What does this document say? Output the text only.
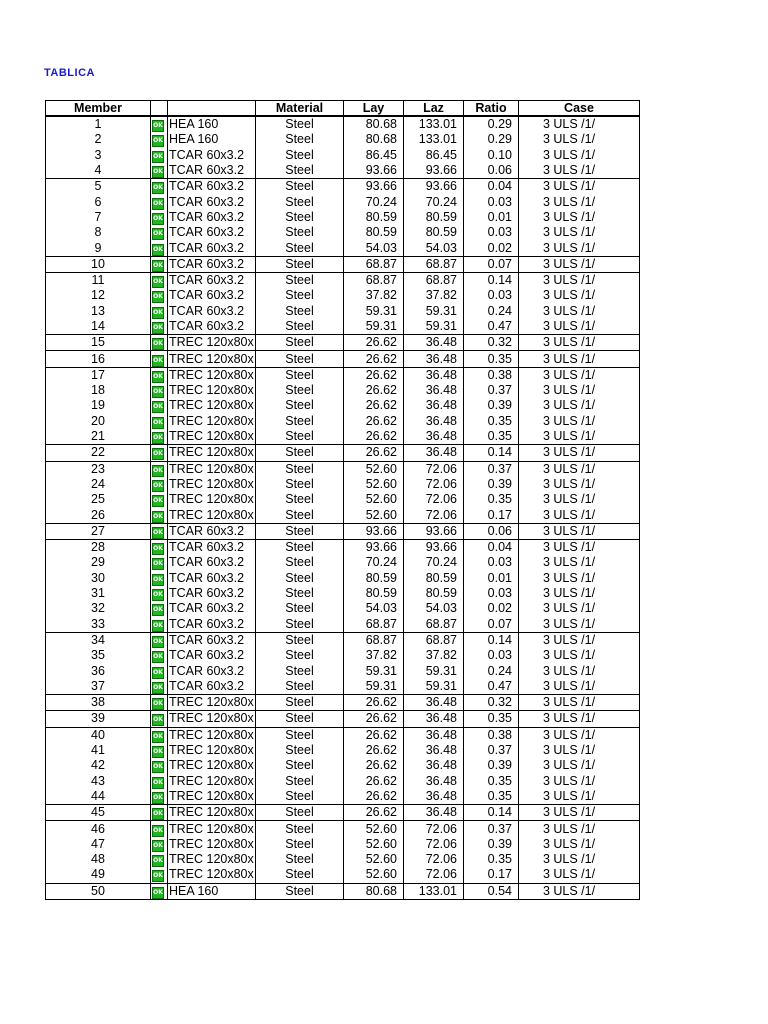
TABLICA
Member			Material	Lay	Laz	Ratio	Case
1	OK	HEA 160	Steel	80.68	133.01	0.29	3 ULS /1/
2	OK	HEA 160	Steel	80.68	133.01	0.29	3 ULS /1/
3	OK	TCAR 60x3.2	Steel	86.45	86.45	0.10	3 ULS /1/
4	OK	TCAR 60x3.2	Steel	93.66	93.66	0.06	3 ULS /1/
5	OK	TCAR 60x3.2	Steel	93.66	93.66	0.04	3 ULS /1/
6	OK	TCAR 60x3.2	Steel	70.24	70.24	0.03	3 ULS /1/
7	OK	TCAR 60x3.2	Steel	80.59	80.59	0.01	3 ULS /1/
8	OK	TCAR 60x3.2	Steel	80.59	80.59	0.03	3 ULS /1/
9	OK	TCAR 60x3.2	Steel	54.03	54.03	0.02	3 ULS /1/
10	OK	TCAR 60x3.2	Steel	68.87	68.87	0.07	3 ULS /1/
11	OK	TCAR 60x3.2	Steel	68.87	68.87	0.14	3 ULS /1/
12	OK	TCAR 60x3.2	Steel	37.82	37.82	0.03	3 ULS /1/
13	OK	TCAR 60x3.2	Steel	59.31	59.31	0.24	3 ULS /1/
14	OK	TCAR 60x3.2	Steel	59.31	59.31	0.47	3 ULS /1/
15	OK	TREC 120x80x	Steel	26.62	36.48	0.32	3 ULS /1/
16	OK	TREC 120x80x	Steel	26.62	36.48	0.35	3 ULS /1/
17	OK	TREC 120x80x	Steel	26.62	36.48	0.38	3 ULS /1/
18	OK	TREC 120x80x	Steel	26.62	36.48	0.37	3 ULS /1/
19	OK	TREC 120x80x	Steel	26.62	36.48	0.39	3 ULS /1/
20	OK	TREC 120x80x	Steel	26.62	36.48	0.35	3 ULS /1/
21	OK	TREC 120x80x	Steel	26.62	36.48	0.35	3 ULS /1/
22	OK	TREC 120x80x	Steel	26.62	36.48	0.14	3 ULS /1/
23	OK	TREC 120x80x	Steel	52.60	72.06	0.37	3 ULS /1/
24	OK	TREC 120x80x	Steel	52.60	72.06	0.39	3 ULS /1/
25	OK	TREC 120x80x	Steel	52.60	72.06	0.35	3 ULS /1/
26	OK	TREC 120x80x	Steel	52.60	72.06	0.17	3 ULS /1/
27	OK	TCAR 60x3.2	Steel	93.66	93.66	0.06	3 ULS /1/
28	OK	TCAR 60x3.2	Steel	93.66	93.66	0.04	3 ULS /1/
29	OK	TCAR 60x3.2	Steel	70.24	70.24	0.03	3 ULS /1/
30	OK	TCAR 60x3.2	Steel	80.59	80.59	0.01	3 ULS /1/
31	OK	TCAR 60x3.2	Steel	80.59	80.59	0.03	3 ULS /1/
32	OK	TCAR 60x3.2	Steel	54.03	54.03	0.02	3 ULS /1/
33	OK	TCAR 60x3.2	Steel	68.87	68.87	0.07	3 ULS /1/
34	OK	TCAR 60x3.2	Steel	68.87	68.87	0.14	3 ULS /1/
35	OK	TCAR 60x3.2	Steel	37.82	37.82	0.03	3 ULS /1/
36	OK	TCAR 60x3.2	Steel	59.31	59.31	0.24	3 ULS /1/
37	OK	TCAR 60x3.2	Steel	59.31	59.31	0.47	3 ULS /1/
38	OK	TREC 120x80x	Steel	26.62	36.48	0.32	3 ULS /1/
39	OK	TREC 120x80x	Steel	26.62	36.48	0.35	3 ULS /1/
40	OK	TREC 120x80x	Steel	26.62	36.48	0.38	3 ULS /1/
41	OK	TREC 120x80x	Steel	26.62	36.48	0.37	3 ULS /1/
42	OK	TREC 120x80x	Steel	26.62	36.48	0.39	3 ULS /1/
43	OK	TREC 120x80x	Steel	26.62	36.48	0.35	3 ULS /1/
44	OK	TREC 120x80x	Steel	26.62	36.48	0.35	3 ULS /1/
45	OK	TREC 120x80x	Steel	26.62	36.48	0.14	3 ULS /1/
46	OK	TREC 120x80x	Steel	52.60	72.06	0.37	3 ULS /1/
47	OK	TREC 120x80x	Steel	52.60	72.06	0.39	3 ULS /1/
48	OK	TREC 120x80x	Steel	52.60	72.06	0.35	3 ULS /1/
49	OK	TREC 120x80x	Steel	52.60	72.06	0.17	3 ULS /1/
50	OK	HEA 160	Steel	80.68	133.01	0.54	3 ULS /1/
